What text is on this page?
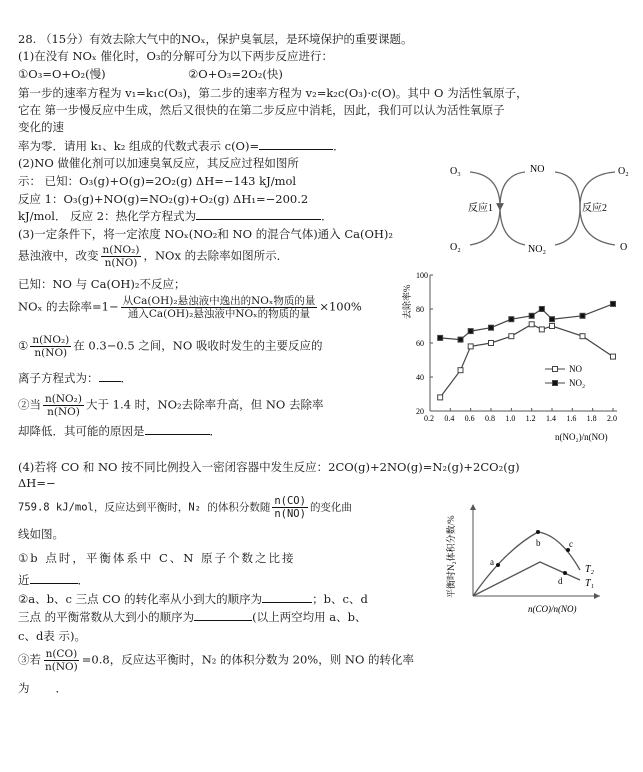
28. （15分）有效去除大气中的NOₓ，保护臭氧层，是环境保护的重要课题。
(1)在没有 NOₓ 催化时，O₃的分解可分为以下两步反应进行：
①O₃=O+O₂(慢)	②O+O₃=2O₂(快)
第一步的速率方程为 v₁=k₁c(O₃)，第二步的速率方程为 v₂=k₂c(O₃)·c(O)。其中 O 为活性氧原子，
它在 第一步慢反应中生成，然后又很快的在第二步反应中消耗，因此，我们可以认为活性氧原子
变化的速
率为零．请用 k₁、k₂ 组成的代数式表示 c(O)=	．
(2)NO 做催化剂可以加速臭氧反应，其反应过程如图所
示： 已知：O₃(g)+O(g)=2O₂(g) ΔH=−143 kJ/mol
反应 1：O₃(g)+NO(g)=NO₂(g)+O₂(g) ΔH₁=−200.2
kJ/mol． 反应 2：热化学方程式为	．
(3)一定条件下，将一定浓度 NOₓ(NO₂和 NO 的混合气体)通入 Ca(OH)₂
悬浊液中，改变 $\frac{\text{n(NO₂)}}{n(NO)}$ ，NOx 的去除率如图所示．
已知：NO 与 Ca(OH)₂不反应；
NOₓ 的去除率$=1- \frac{\text{从Ca(OH)₂悬浊液中逸出的NOₓ物质的量}}{\text{通入Ca(OH)₂悬浊液中NOₓ的物质的量}} \times 100\%$
① $\frac{\text{n(NO₂)}}{n(NO)}$ 在 0.3−0.5 之间，NO 吸收时发生的主要反应的
离子方程式为： ．
②当 $\frac{\text{n(NO₂)}}{n(NO)}$ 大于 1.4 时，NO₂去除率升高，但 NO 去除率
却降低．其可能的原因是	．
(4)若将 CO 和 NO 按不同比例投入一密闭容器中发生反应：2CO(g)+2NO(g)=N₂(g)+2CO₂(g)
ΔH=−
759.8 kJ/mol，反应达到平衡时，N₂ 的体积分数随 $\frac{n(CO)}{n(NO)}$ 的变化曲
线如图。
①b 点时，平衡体系中 C、N 原子个数之比接
近	．
②a、b、c 三点 CO 的转化率从小到大的顺序为	；b、c、d
三点 的平衡常数从大到小的顺序为	(以上两空均用 a、b、
c、d表 示)。
③若 $\frac{n(CO)}{n(NO)} =0.8$，反应达平衡时，N₂ 的体积分数为 20%，则 NO 的转化率
为 ．
O₃
O₂
NO
NO₂
O₂
O
反应1	反应2
去除率%
n(NO₂)/n(NO)
0.2 0.4 0.6 0.8 1.0 1.2 1.4 1.6 1.8 2.0
20
40
60
80
100
NO
NO₂
平衡时N₂体积分数/%
n(CO)/n(NO)
a
b	c
d
T₂
T₁
